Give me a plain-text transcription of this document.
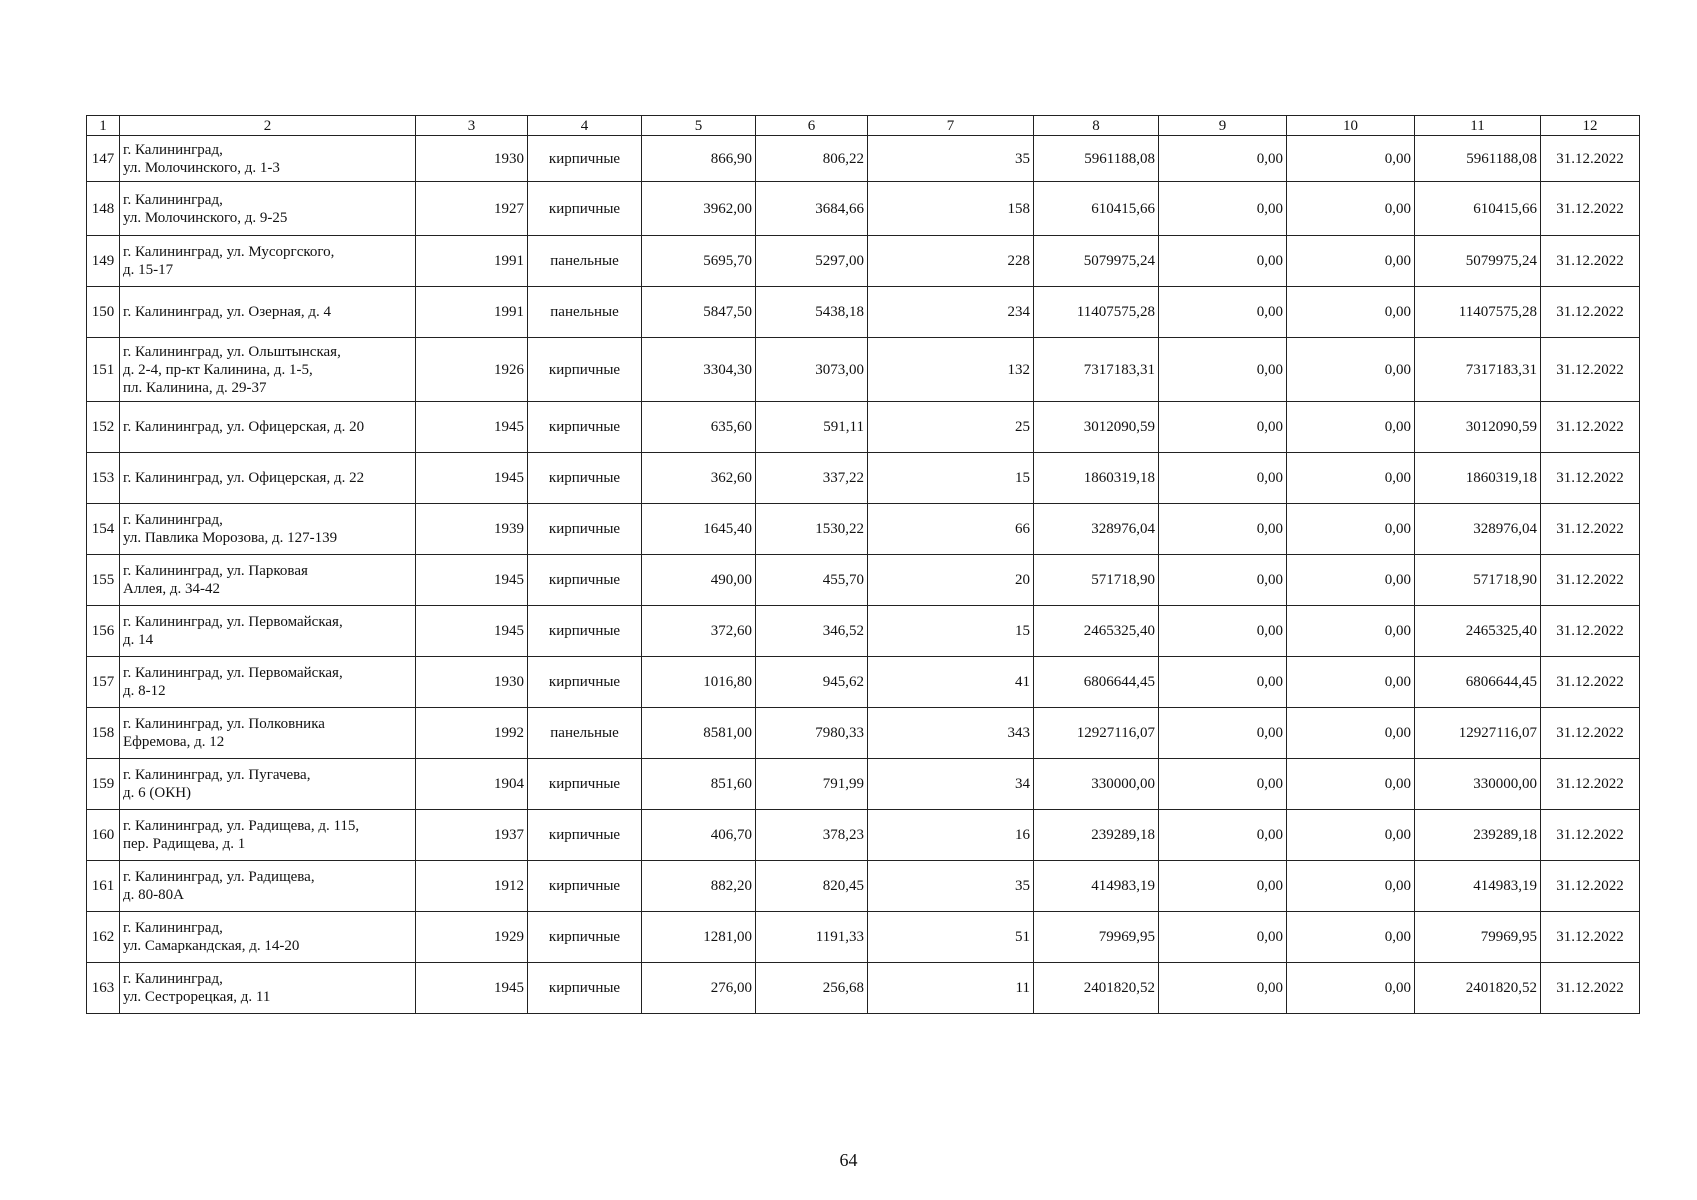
1	2	3	4	5	6	7	8	9	10	11	12
147	г. Калининград,
ул. Молочинского, д. 1-3	1930	кирпичные	866,90	806,22	35	5961188,08	0,00	0,00	5961188,08	31.12.2022
148	г. Калининград,
ул. Молочинского, д. 9-25	1927	кирпичные	3962,00	3684,66	158	610415,66	0,00	0,00	610415,66	31.12.2022
149	г. Калининград, ул. Мусоргского,
д. 15-17	1991	панельные	5695,70	5297,00	228	5079975,24	0,00	0,00	5079975,24	31.12.2022
150	г. Калининград, ул. Озерная, д. 4	1991	панельные	5847,50	5438,18	234	11407575,28	0,00	0,00	11407575,28	31.12.2022
151	г. Калининград, ул. Ольштынская,
д. 2-4, пр-кт Калинина, д. 1-5,
пл. Калинина, д. 29-37	1926	кирпичные	3304,30	3073,00	132	7317183,31	0,00	0,00	7317183,31	31.12.2022
152	г. Калининград, ул. Офицерская, д. 20	1945	кирпичные	635,60	591,11	25	3012090,59	0,00	0,00	3012090,59	31.12.2022
153	г. Калининград, ул. Офицерская, д. 22	1945	кирпичные	362,60	337,22	15	1860319,18	0,00	0,00	1860319,18	31.12.2022
154	г. Калининград,
ул. Павлика Морозова, д. 127-139	1939	кирпичные	1645,40	1530,22	66	328976,04	0,00	0,00	328976,04	31.12.2022
155	г. Калининград, ул. Парковая
Аллея, д. 34-42	1945	кирпичные	490,00	455,70	20	571718,90	0,00	0,00	571718,90	31.12.2022
156	г. Калининград, ул. Первомайская,
д. 14	1945	кирпичные	372,60	346,52	15	2465325,40	0,00	0,00	2465325,40	31.12.2022
157	г. Калининград, ул. Первомайская,
д. 8-12	1930	кирпичные	1016,80	945,62	41	6806644,45	0,00	0,00	6806644,45	31.12.2022
158	г. Калининград, ул. Полковника
Ефремова, д. 12	1992	панельные	8581,00	7980,33	343	12927116,07	0,00	0,00	12927116,07	31.12.2022
159	г. Калининград, ул. Пугачева,
д. 6 (ОКН)	1904	кирпичные	851,60	791,99	34	330000,00	0,00	0,00	330000,00	31.12.2022
160	г. Калининград, ул. Радищева, д. 115,
пер. Радищева, д. 1	1937	кирпичные	406,70	378,23	16	239289,18	0,00	0,00	239289,18	31.12.2022
161	г. Калининград, ул. Радищева,
д. 80-80А	1912	кирпичные	882,20	820,45	35	414983,19	0,00	0,00	414983,19	31.12.2022
162	г. Калининград,
ул. Самаркандская, д. 14-20	1929	кирпичные	1281,00	1191,33	51	79969,95	0,00	0,00	79969,95	31.12.2022
163	г. Калининград,
ул. Сестрорецкая, д. 11	1945	кирпичные	276,00	256,68	11	2401820,52	0,00	0,00	2401820,52	31.12.2022
64
